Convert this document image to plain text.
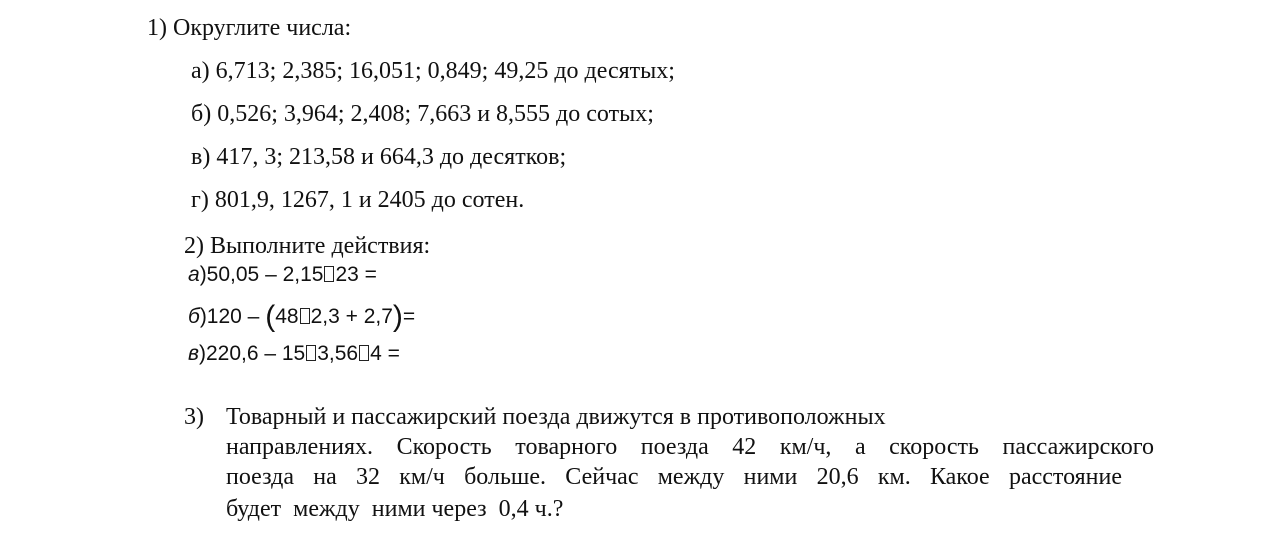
1) Округлите числа:
а) 6,713; 2,385; 16,051; 0,849; 49,25 до десятых;
б) 0,526; 3,964; 2,408; 7,663 и 8,555 до сотых;
в) 417, 3; 213,58 и 664,3 до десятков;
г) 801,9, 1267, 1 и 2405 до сотен.
2) Выполните действия:
а)50,05 – 2,15 23 =
б)120 – (48 2,3 + 2,7)=
в)220,6 – 15 3,56 4 =
3) Товарный и пассажирский поезда движутся в противоположных
направлениях. Скорость товарного поезда 42 км/ч, а скорость пассажирского
поезда на 32 км/ч больше. Сейчас между ними 20,6 км. Какое расстояние
будет  между  ними через  0,4 ч.?
